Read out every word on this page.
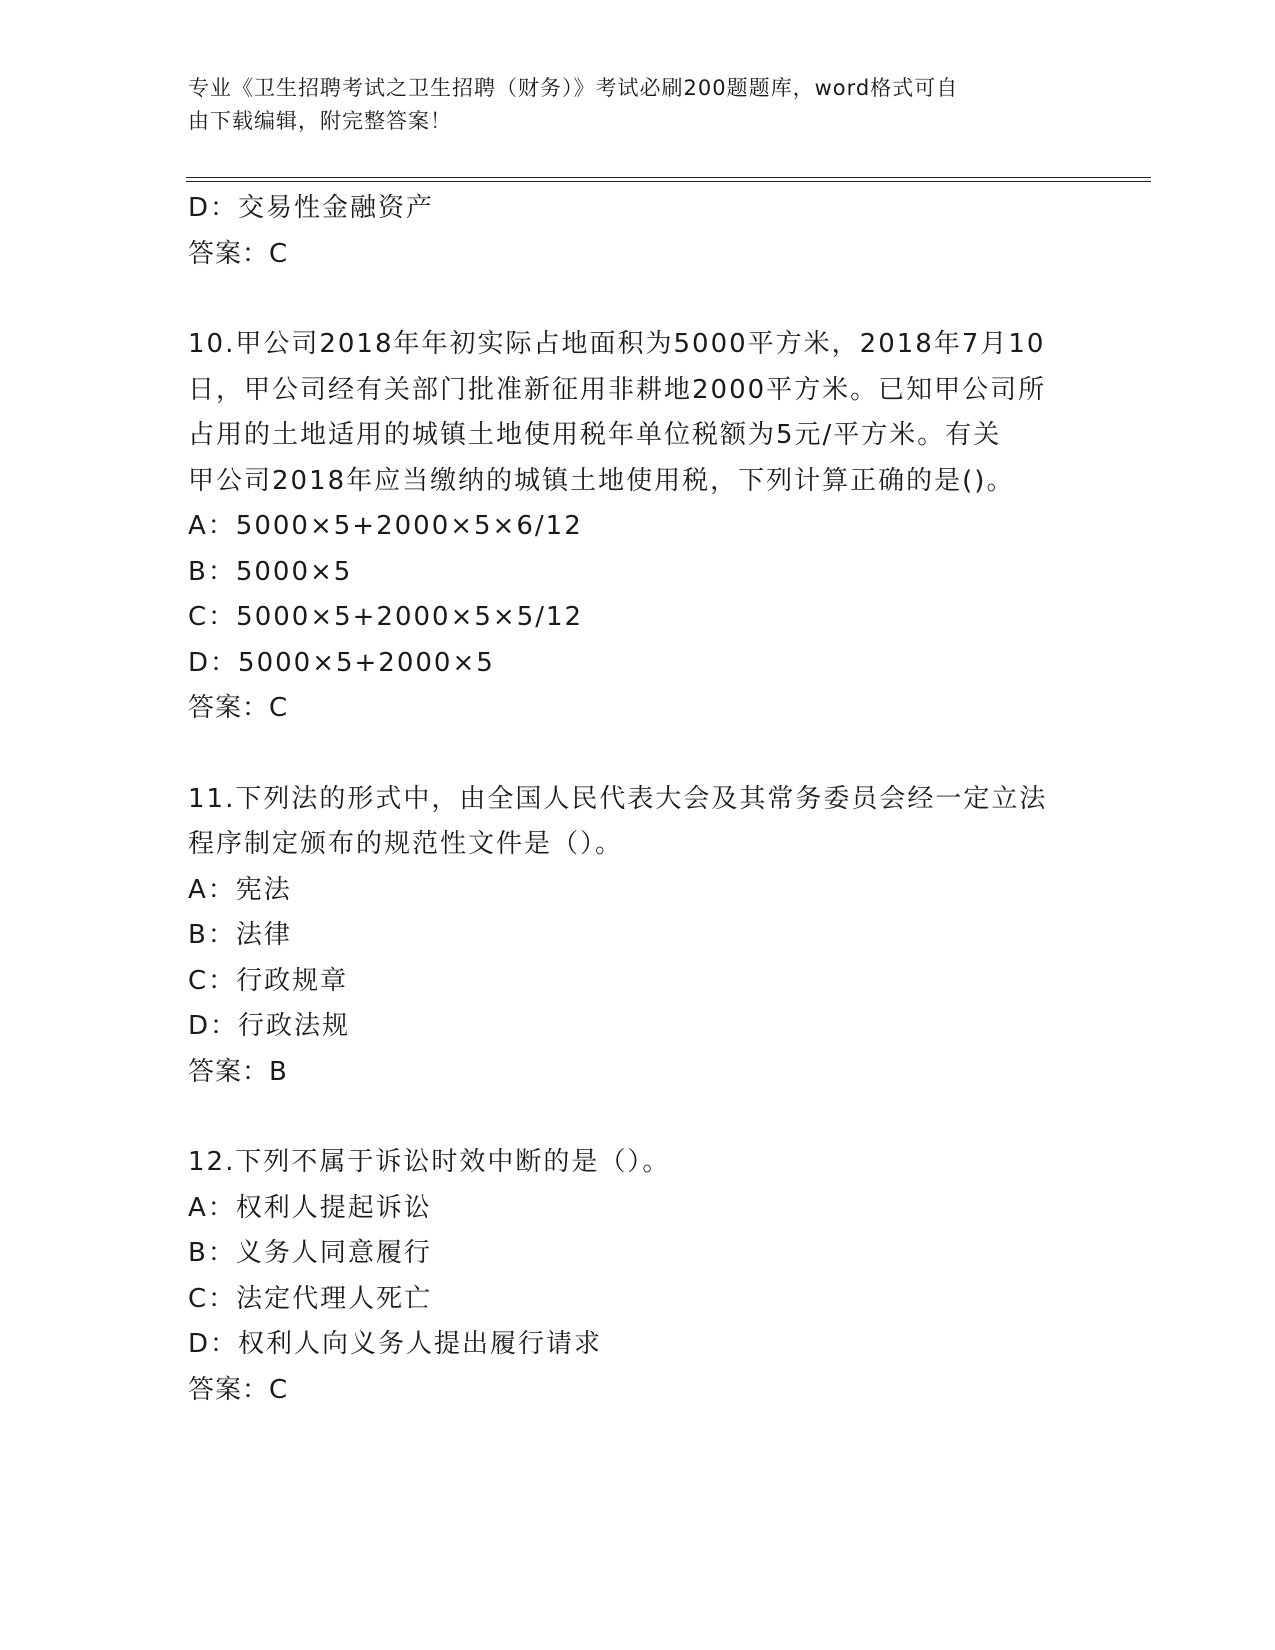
专业《卫生招聘考试之卫生招聘（财务）》考试必刷200题题库，word格式可自
由下载编辑，附完整答案！
D：交易性金融资产
答案：C
10.甲公司2018年年初实际占地面积为5000平方米，2018年7月10
日，甲公司经有关部门批准新征用非耕地2000平方米。已知甲公司所
占用的土地适用的城镇土地使用税年单位税额为5元/平方米。有关
甲公司2018年应当缴纳的城镇土地使用税，下列计算正确的是()。
A：5000×5+2000×5×6/12
B：5000×5
C：5000×5+2000×5×5/12
D：5000×5+2000×5
答案：C
11.下列法的形式中，由全国人民代表大会及其常务委员会经一定立法
程序制定颁布的规范性文件是（）。
A：宪法
B：法律
C：行政规章
D：行政法规
答案：B
12.下列不属于诉讼时效中断的是（）。
A：权利人提起诉讼
B：义务人同意履行
C：法定代理人死亡
D：权利人向义务人提出履行请求
答案：C
